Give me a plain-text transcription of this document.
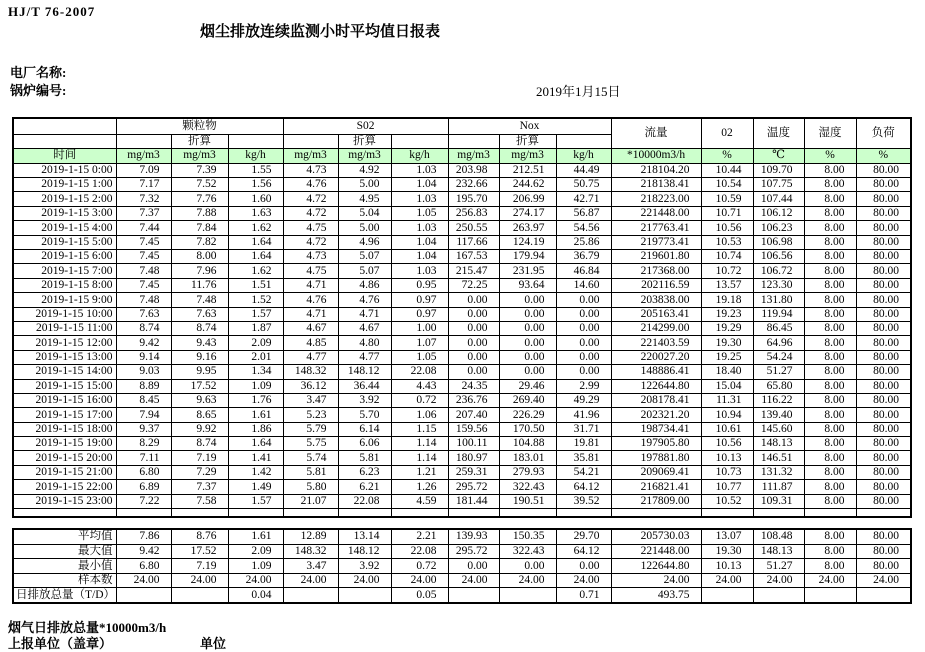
HJ/T 76-2007
烟尘排放连续监测小时平均值日报表
电厂名称:
锅炉编号:	2019年1月15日
	颗粒物			S02			Nox			流量	02	温度	湿度	负荷
		折算			折算			折算						
时间	mg/m3	mg/m3	kg/h	mg/m3	mg/m3	kg/h	mg/m3	mg/m3	kg/h	*10000m3/h	%	℃	%	%
2019-1-15 0:00	7.09	7.39	1.55	4.73	4.92	1.03	203.98	212.51	44.49	218104.20	10.44	109.70	8.00	80.00
2019-1-15 1:00	7.17	7.52	1.56	4.76	5.00	1.04	232.66	244.62	50.75	218138.41	10.54	107.75	8.00	80.00
2019-1-15 2:00	7.32	7.76	1.60	4.72	4.95	1.03	195.70	206.99	42.71	218223.00	10.59	107.44	8.00	80.00
2019-1-15 3:00	7.37	7.88	1.63	4.72	5.04	1.05	256.83	274.17	56.87	221448.00	10.71	106.12	8.00	80.00
2019-1-15 4:00	7.44	7.84	1.62	4.75	5.00	1.03	250.55	263.97	54.56	217763.41	10.56	106.23	8.00	80.00
2019-1-15 5:00	7.45	7.82	1.64	4.72	4.96	1.04	117.66	124.19	25.86	219773.41	10.53	106.98	8.00	80.00
2019-1-15 6:00	7.45	8.00	1.64	4.73	5.07	1.04	167.53	179.94	36.79	219601.80	10.74	106.56	8.00	80.00
2019-1-15 7:00	7.48	7.96	1.62	4.75	5.07	1.03	215.47	231.95	46.84	217368.00	10.72	106.72	8.00	80.00
2019-1-15 8:00	7.45	11.76	1.51	4.71	4.86	0.95	72.25	93.64	14.60	202116.59	13.57	123.30	8.00	80.00
2019-1-15 9:00	7.48	7.48	1.52	4.76	4.76	0.97	0.00	0.00	0.00	203838.00	19.18	131.80	8.00	80.00
2019-1-15 10:00	7.63	7.63	1.57	4.71	4.71	0.97	0.00	0.00	0.00	205163.41	19.23	119.94	8.00	80.00
2019-1-15 11:00	8.74	8.74	1.87	4.67	4.67	1.00	0.00	0.00	0.00	214299.00	19.29	86.45	8.00	80.00
2019-1-15 12:00	9.42	9.43	2.09	4.85	4.80	1.07	0.00	0.00	0.00	221403.59	19.30	64.96	8.00	80.00
2019-1-15 13:00	9.14	9.16	2.01	4.77	4.77	1.05	0.00	0.00	0.00	220027.20	19.25	54.24	8.00	80.00
2019-1-15 14:00	9.03	9.95	1.34	148.32	148.12	22.08	0.00	0.00	0.00	148886.41	18.40	51.27	8.00	80.00
2019-1-15 15:00	8.89	17.52	1.09	36.12	36.44	4.43	24.35	29.46	2.99	122644.80	15.04	65.80	8.00	80.00
2019-1-15 16:00	8.45	9.63	1.76	3.47	3.92	0.72	236.76	269.40	49.29	208178.41	11.31	116.22	8.00	80.00
2019-1-15 17:00	7.94	8.65	1.61	5.23	5.70	1.06	207.40	226.29	41.96	202321.20	10.94	139.40	8.00	80.00
2019-1-15 18:00	9.37	9.92	1.86	5.79	6.14	1.15	159.56	170.50	31.71	198734.41	10.61	145.60	8.00	80.00
2019-1-15 19:00	8.29	8.74	1.64	5.75	6.06	1.14	100.11	104.88	19.81	197905.80	10.56	148.13	8.00	80.00
2019-1-15 20:00	7.11	7.19	1.41	5.74	5.81	1.14	180.97	183.01	35.81	197881.80	10.13	146.51	8.00	80.00
2019-1-15 21:00	6.80	7.29	1.42	5.81	6.23	1.21	259.31	279.93	54.21	209069.41	10.73	131.32	8.00	80.00
2019-1-15 22:00	6.89	7.37	1.49	5.80	6.21	1.26	295.72	322.43	64.12	216821.41	10.77	111.87	8.00	80.00
2019-1-15 23:00	7.22	7.58	1.57	21.07	22.08	4.59	181.44	190.51	39.52	217809.00	10.52	109.31	8.00	80.00

平均值	7.86	8.76	1.61	12.89	13.14	2.21	139.93	150.35	29.70	205730.03	13.07	108.48	8.00	80.00
最大值	9.42	17.52	2.09	148.32	148.12	22.08	295.72	322.43	64.12	221448.00	19.30	148.13	8.00	80.00
最小值	6.80	7.19	1.09	3.47	3.92	0.72	0.00	0.00	0.00	122644.80	10.13	51.27	8.00	80.00
样本数	24.00	24.00	24.00	24.00	24.00	24.00	24.00	24.00	24.00	24.00	24.00	24.00	24.00	24.00
日排放总量（T/D）			0.04			0.05			0.71	493.75				
烟气日排放总量*10000m3/h
上报单位（盖章）	单位
